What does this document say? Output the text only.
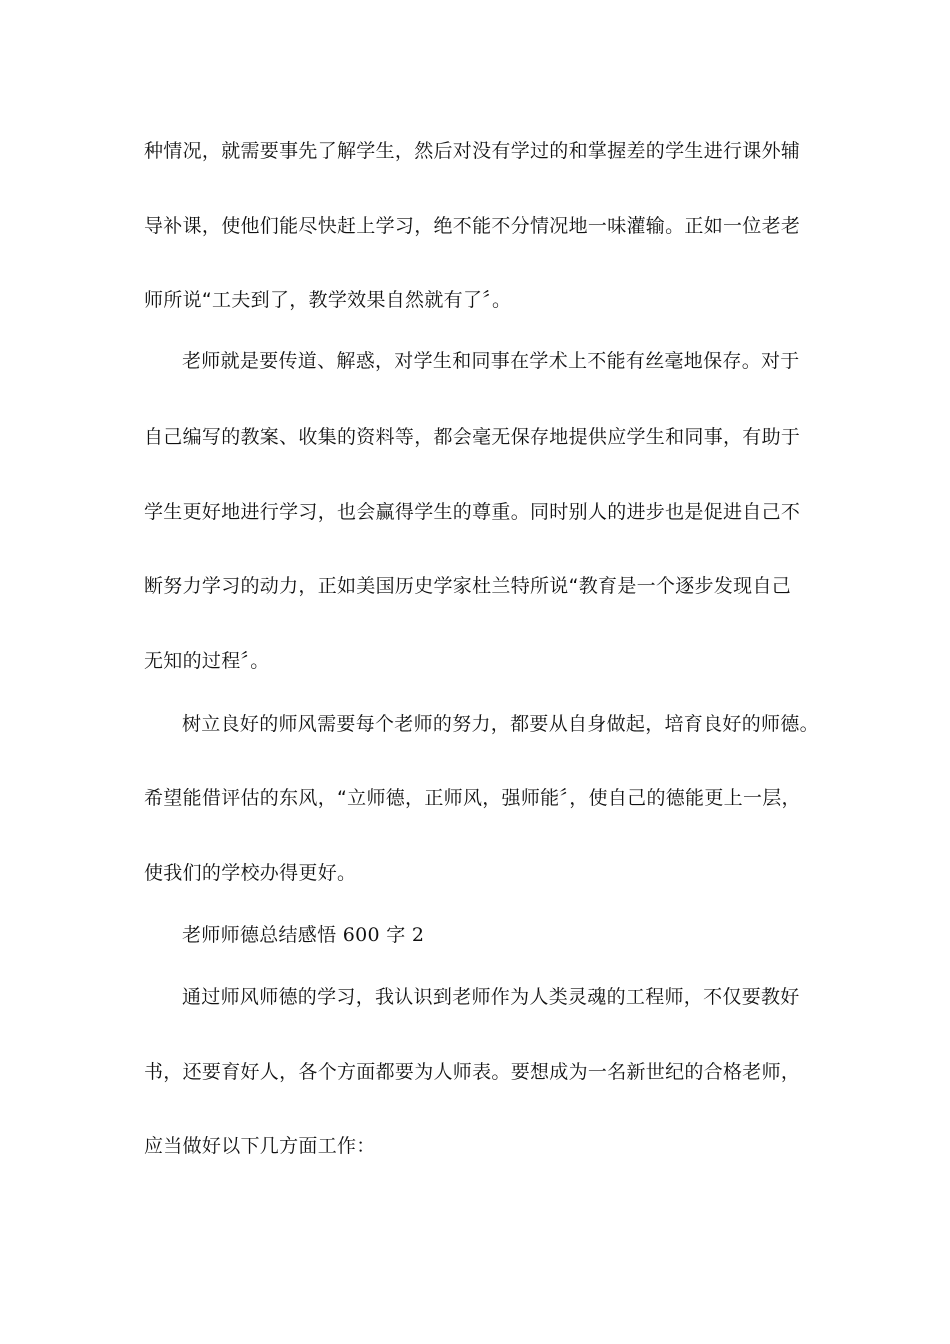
种情况，就需要事先了解学生，然后对没有学过的和掌握差的学生进行课外辅
导补课，使他们能尽快赶上学习，绝不能不分情况地一味灌输。正如一位老老
师所说“工夫到了，教学效果自然就有了〞。
老师就是要传道、解惑，对学生和同事在学术上不能有丝毫地保存。对于
自己编写的教案、收集的资料等，都会毫无保存地提供应学生和同事，有助于
学生更好地进行学习，也会赢得学生的尊重。同时别人的进步也是促进自己不
断努力学习的动力，正如美国历史学家杜兰特所说“教育是一个逐步发现自己
无知的过程〞。
树立良好的师风需要每个老师的努力，都要从自身做起，培育良好的师德。
希望能借评估的东风，“立师德，正师风，强师能〞，使自己的德能更上一层，
使我们的学校办得更好。
老师师德总结感悟 600 字 2
通过师风师德的学习，我认识到老师作为人类灵魂的工程师，不仅要教好
书，还要育好人，各个方面都要为人师表。要想成为一名新世纪的合格老师，
应当做好以下几方面工作：
